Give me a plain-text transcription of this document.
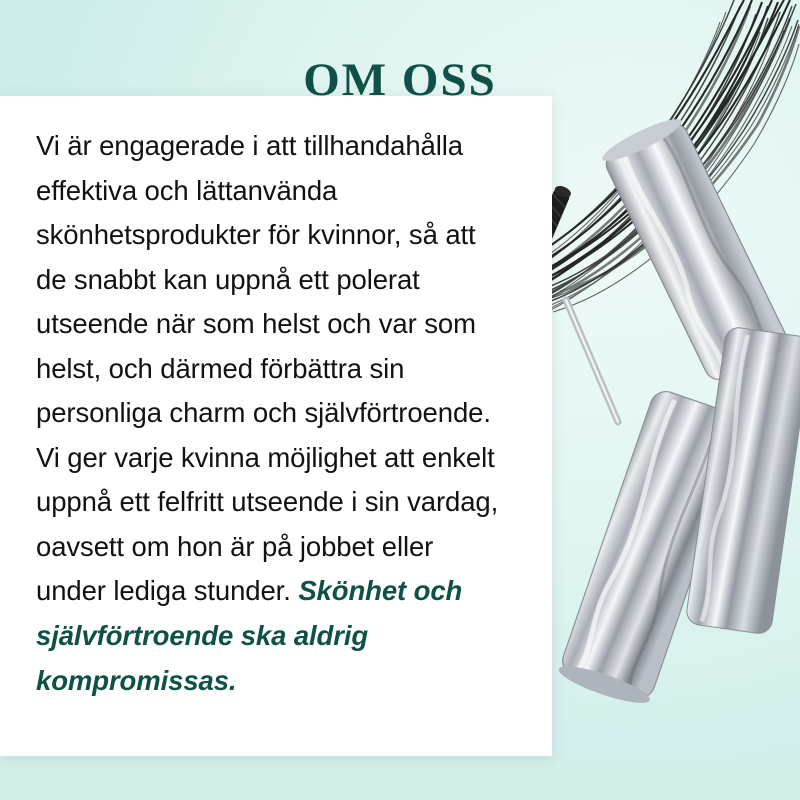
OM OSS
Vi är engagerade i att tillhandahålla effektiva och lättanvända skönhetsprodukter för kvinnor, så att de snabbt kan uppnå ett polerat utseende när som helst och var som helst, och därmed förbättra sin personliga charm och självförtroende. Vi ger varje kvinna möjlighet att enkelt uppnå ett felfritt utseende i sin vardag, oavsett om hon är på jobbet eller under lediga stunder. Skönhet och självförtroende ska aldrig kompromissas.
